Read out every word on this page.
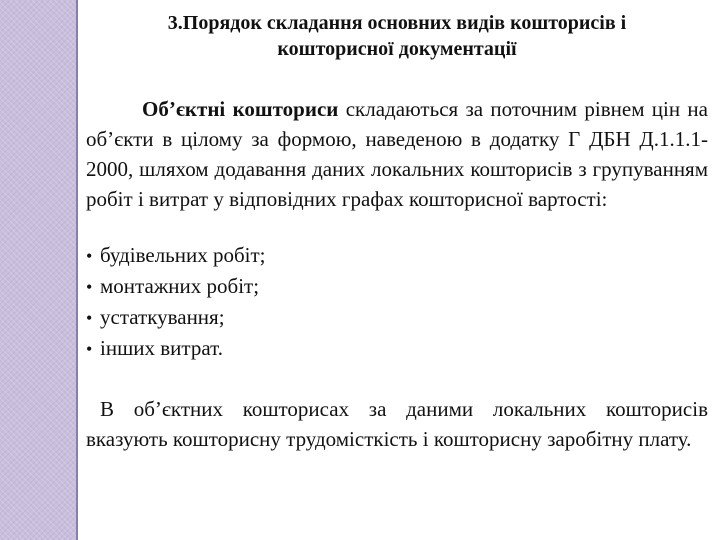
3.Порядок складання основних видів кошторисів і
кошторисної документації

Об’єктні кошториси складаються за поточним рівнем цін на об’єкти в цілому за формою, наведеною в додатку Г ДБН Д.1.1.1-2000, шляхом додавання даних локальних кошторисів з групуванням робіт і витрат у відповідних графах кошторисної вартості:

• будівельних робіт;
• монтажних робіт;
• устаткування;
• інших витрат.

В об’єктних кошторисах за даними локальних кошторисів вказують кошторисну трудомісткість і кошторисну заробітну плату.
